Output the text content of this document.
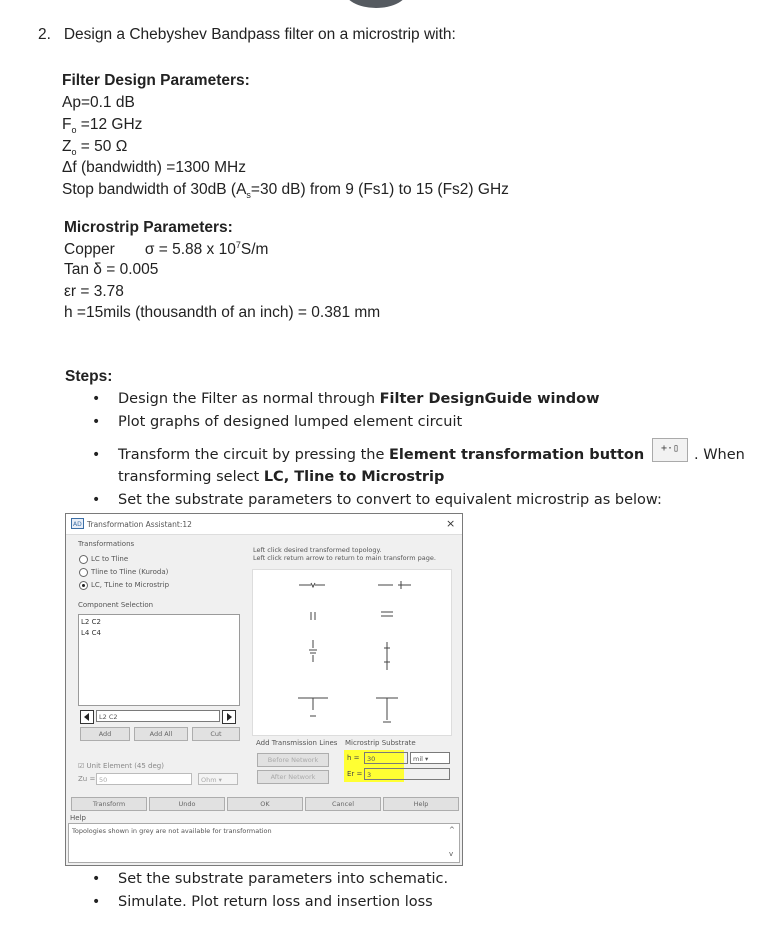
2. Design a Chebyshev Bandpass filter on a microstrip with:
Filter Design Parameters:
Ap=0.1 dB
$F_o =12$ GHz
$Z_o = 50$ Ω
Δf (bandwidth) =1300 MHz
Stop bandwidth of 30dB ($A_s=30$ dB) from 9 (Fs1) to 15 (Fs2) GHz
Microstrip Parameters:
Copper σ = 5.88 x $10^7S/m$
Tan δ = 0.005
εr = 3.78
h =15mils (thousandth of an inch) = 0.381 mm
Steps:
• Design the Filter as normal through Filter DesignGuide window
• Plot graphs of designed lumped element circuit
• Transform the circuit by pressing the Element transformation button	+·▯	. When
transforming select LC, Tline to Microstrip
• Set the substrate parameters to convert to equivalent microstrip as below:
AD Transformation Assistant:12	×
Transformations
LC to Tline
Tline to Tline (Kuroda)
LC, TLine to Microstrip
Left click desired transformed topology.
Left click return arrow to return to main transform page.
Component Selection
L2 C2
L4 C4
L2 C2
Add	Add All	Cut
☑ Unit Element (45 deg)
Zu = 50	Ohm ▾
Add Transmission Lines
Before Network
After Network
Microstrip Substrate
h =	30	mil ▾
Er = 3
Transform	Undo	OK	Cancel	Help
Help
Topologies shown in grey are not available for transformation	^
v
• Set the substrate parameters into schematic.
• Simulate. Plot return loss and insertion loss
